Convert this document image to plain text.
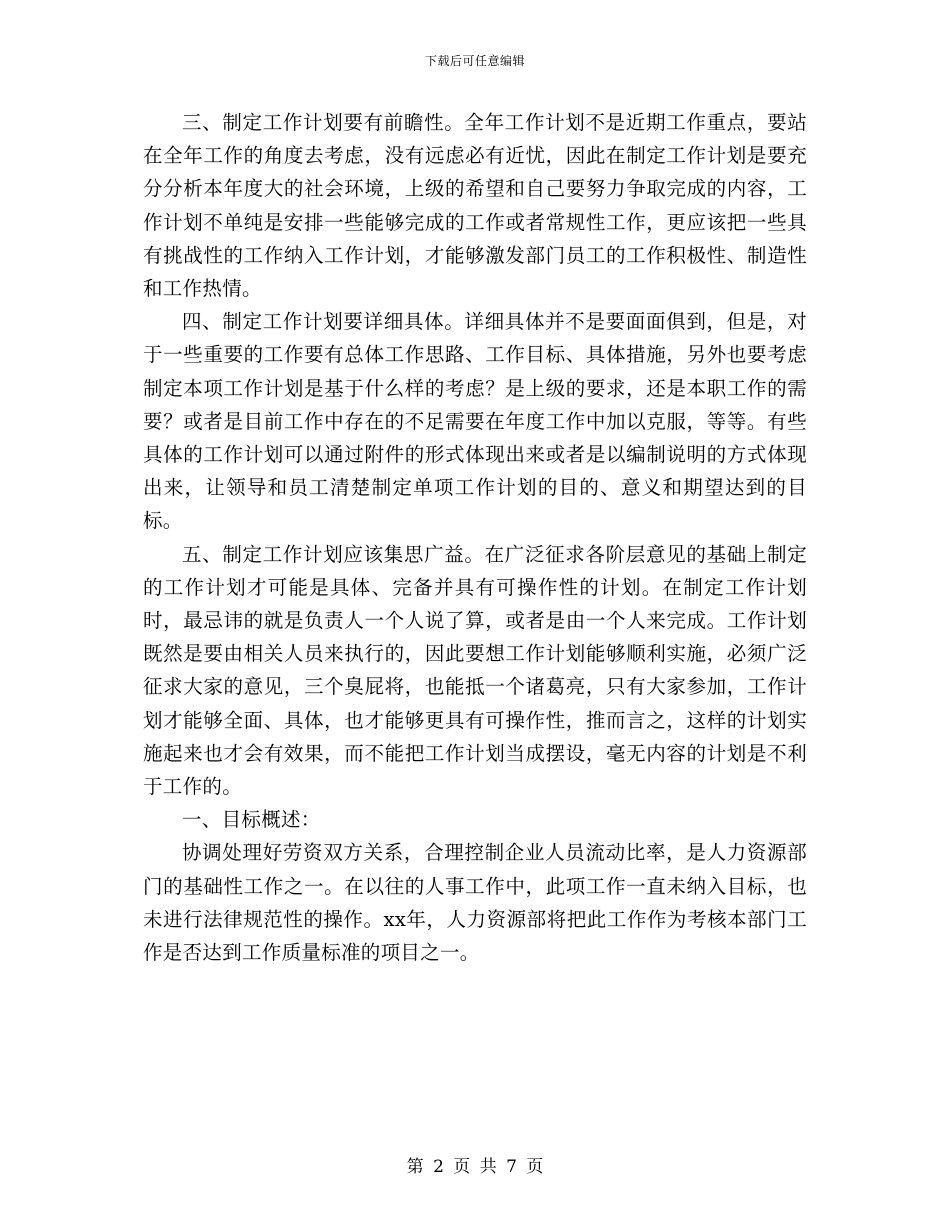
下载后可任意编辑

三、制定工作计划要有前瞻性。全年工作计划不是近期工作重点，要站在全年工作的角度去考虑，没有远虑必有近忧，因此在制定工作计划是要充分分析本年度大的社会环境，上级的希望和自己要努力争取完成的内容，工作计划不单纯是安排一些能够完成的工作或者常规性工作，更应该把一些具有挑战性的工作纳入工作计划，才能够激发部门员工的工作积极性、制造性和工作热情。

四、制定工作计划要详细具体。详细具体并不是要面面俱到，但是，对于一些重要的工作要有总体工作思路、工作目标、具体措施，另外也要考虑制定本项工作计划是基于什么样的考虑？是上级的要求，还是本职工作的需要？或者是目前工作中存在的不足需要在年度工作中加以克服，等等。有些具体的工作计划可以通过附件的形式体现出来或者是以编制说明的方式体现出来，让领导和员工清楚制定单项工作计划的目的、意义和期望达到的目标。

五、制定工作计划应该集思广益。在广泛征求各阶层意见的基础上制定的工作计划才可能是具体、完备并具有可操作性的计划。在制定工作计划时，最忌讳的就是负责人一个人说了算，或者是由一个人来完成。工作计划既然是要由相关人员来执行的，因此要想工作计划能够顺利实施，必须广泛征求大家的意见，三个臭屁将，也能抵一个诸葛亮，只有大家参加，工作计划才能够全面、具体，也才能够更具有可操作性，推而言之，这样的计划实施起来也才会有效果，而不能把工作计划当成摆设，毫无内容的计划是不利于工作的。

一、目标概述：

协调处理好劳资双方关系，合理控制企业人员流动比率，是人力资源部门的基础性工作之一。在以往的人事工作中，此项工作一直未纳入目标，也未进行法律规范性的操作。xx年，人力资源部将把此工作作为考核本部门工作是否达到工作质量标准的项目之一。

第 2 页 共 7 页
